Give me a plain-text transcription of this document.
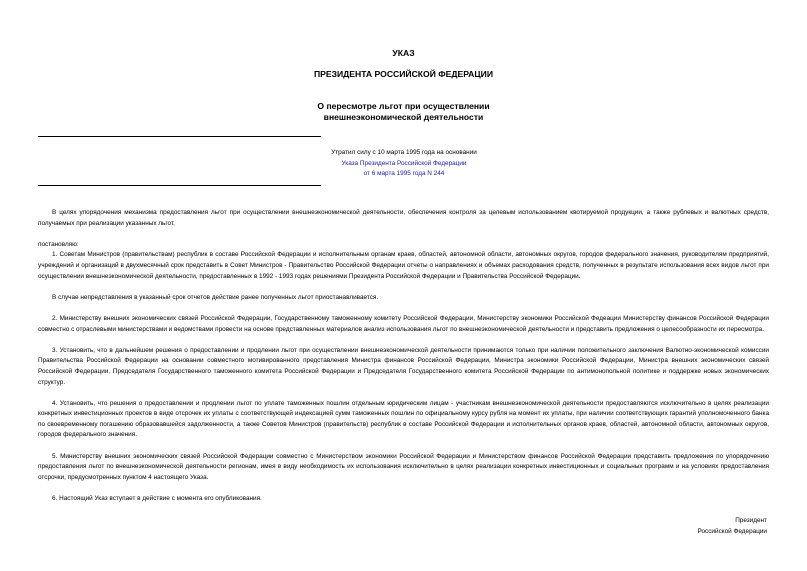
УКАЗ
ПРЕЗИДЕНТА РОССИЙСКОЙ ФЕДЕРАЦИИ
О пересмотре льгот при осуществлении
внешнеэкономической деятельности
Утратил силу с 10 марта 1995 года на основании
Указа Президента Российской Федерации
от 6 марта 1995 года N 244

В целях упорядочения механизма предоставления льгот при осуществлении внешнеэкономической деятельности, обеспечения контроля за целевым использованием квотируемой продукции, а также рублевых и валютных средств, получаемых при реализации указанных льгот,

постановляю:

1. Советам Министров (правительствам) республик в составе Российской Федерации и исполнительным органам краев, областей, автономной области, автономных округов, городов федерального значения, руководителям предприятий, учреждений и организаций в двухмесячный срок представить в Совет Министров - Правительство Российской Федерации отчеты о направлениях и объемах расходования средств, полученных в результате использования всех видов льгот при осуществлении внешнеэкономической деятельности, предоставленных в 1992 - 1993 годах решениями Президента Российской Федерации и Правительства Российской Федерации.

В случае непредставления в указанный срок отчетов действие ранее полученных льгот приостанавливается.

2. Министерству внешних экономических связей Российской Федерации, Государственному таможенному комитету Российской Федерации, Министерству экономики Российской Федеации Министерству финансов Российской Федерации совместно с отраслевыми министерствами и ведомствами провести на основе представленных материалов анализ использования льгот по внешнеэкономической деятельности и представить предложения о целесообразности их пересмотра.

3. Установить, что в дальнейшем решения о предоставлении и продлении льгот при осуществлении внешнеэкономической деятельности принимаются только при наличии положительного заключения Валютно-экономической комиссии Правительства Российской Федерации на основании совместного мотивированного представления Министра финансов Российской Федерации, Министра экономики Российской Федерации, Министра внешних экономических связей Российской Федерации, Председателя Государственного таможенного комитета Российской Федерации и Председателя Государственного комитета Российской Федерации по антимонопольной политике и поддержке новых экономических структур.

4. Установить, что решения о предоставлении и продлении льгот по уплате таможенных пошлин отдельным юридическим лицам - участникам внешнеэкономической деятельности предоставляются исключительно в целях реализации конкретных инвестиционных проектов в виде отсрочек их уплаты с соответствующей индексацией сумм таможенных пошлин по официальному курсу рубля на момент их уплаты, при наличии соответствующих гарантий уполномоченного банка по своевременному погашению образовавшейся задолженности, а также Советов Министров (правительств) республик в составе Российской Федерации и исполнительных органов краев, областей, автономной области, автономных округов, городов федерального значения.

5. Министерству внешних экономических связей Российской Федерации совместно с Министерством экономики Российской Федерации и Министерством финансов Российской Федерации представить предложения по упорядочению предоставления льгот по внешнеэкономической деятельности регионам, имея в виду необходимость их использования исключительно в целях реализации конкретных инвестиционных и социальных программ и на условиях предоставления отсрочки, предусмотренных пунктом 4 настоящего Указа.

6. Настоящий Указ вступает в действие с момента его опубликования.

Президент
Российской Федерации
